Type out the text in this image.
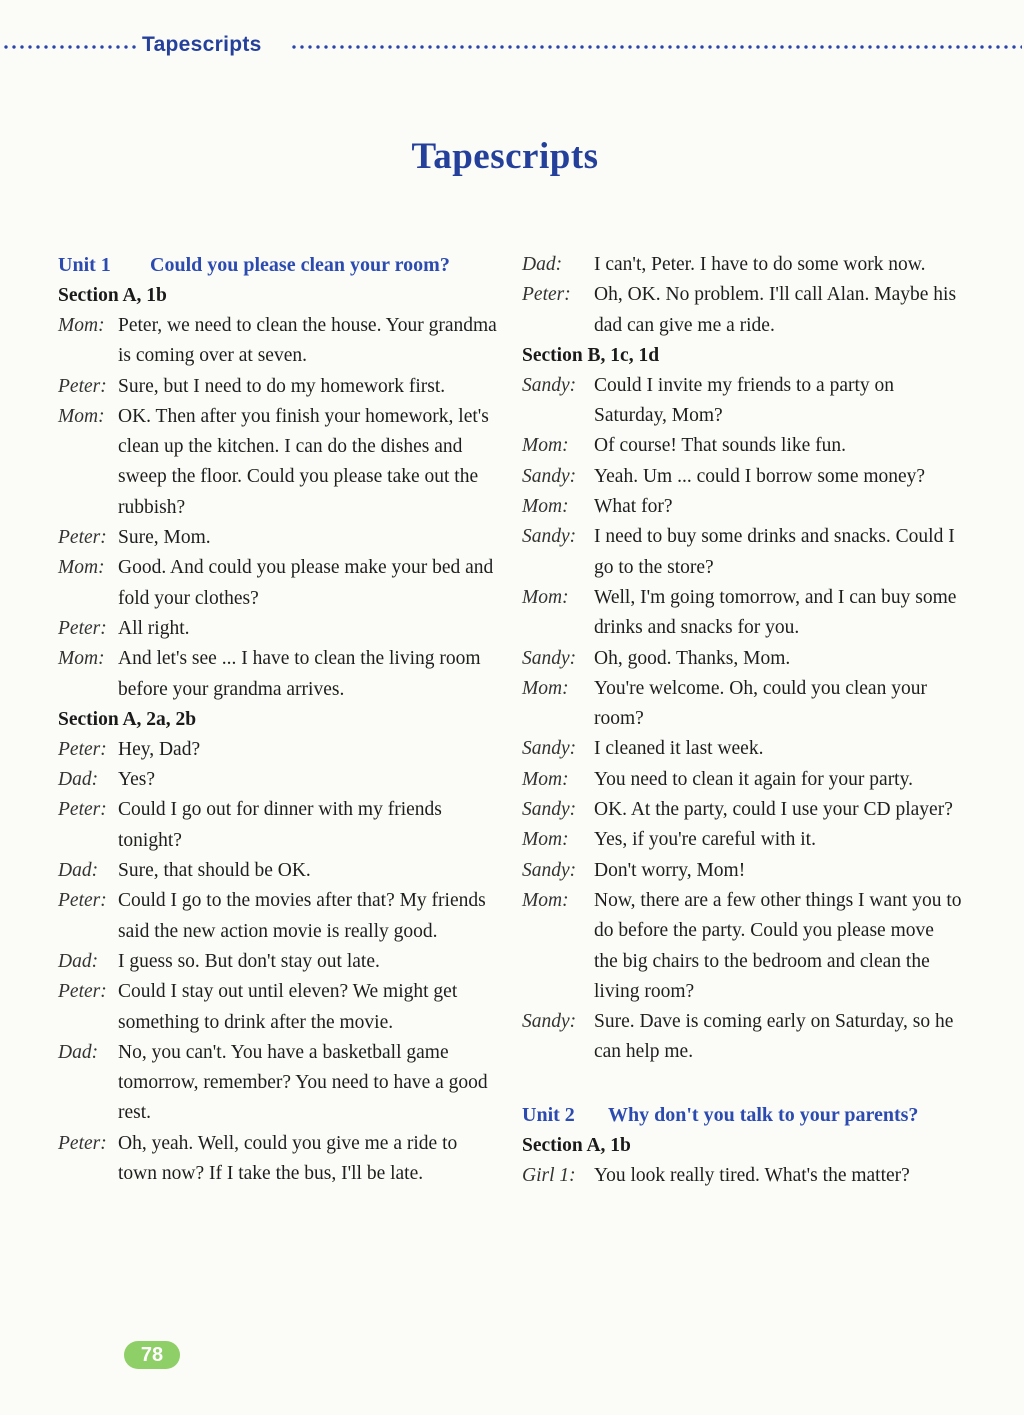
Tapescripts
Tapescripts
Unit 1	Could you please clean your room?
Section A, 1b
Mom: Peter, we need to clean the house. Your grandma is coming over at seven.
Peter: Sure, but I need to do my homework first.
Mom: OK. Then after you finish your homework, let's clean up the kitchen. I can do the dishes and sweep the floor. Could you please take out the rubbish?
Peter: Sure, Mom.
Mom: Good. And could you please make your bed and fold your clothes?
Peter: All right.
Mom: And let's see ... I have to clean the living room before your grandma arrives.
Section A, 2a, 2b
Peter: Hey, Dad?
Dad:	Yes?
Peter: Could I go out for dinner with my friends tonight?
Dad:	Sure, that should be OK.
Peter: Could I go to the movies after that? My friends said the new action movie is really good.
Dad:	I guess so. But don't stay out late.
Peter: Could I stay out until eleven? We might get something to drink after the movie.
Dad:	No, you can't. You have a basketball game tomorrow, remember? You need to have a good rest.
Peter: Oh, yeah. Well, could you give me a ride to town now? If I take the bus, I'll be late.
Dad:	I can't, Peter. I have to do some work now.
Peter:	Oh, OK. No problem. I'll call Alan. Maybe his dad can give me a ride.
Section B, 1c, 1d
Sandy: Could I invite my friends to a party on Saturday, Mom?
Mom:	Of course! That sounds like fun.
Sandy: Yeah. Um ... could I borrow some money?
Mom:	What for?
Sandy: I need to buy some drinks and snacks. Could I go to the store?
Mom:	Well, I'm going tomorrow, and I can buy some drinks and snacks for you.
Sandy: Oh, good. Thanks, Mom.
Mom:	You're welcome. Oh, could you clean your room?
Sandy: I cleaned it last week.
Mom:	You need to clean it again for your party.
Sandy: OK. At the party, could I use your CD player?
Mom:	Yes, if you're careful with it.
Sandy: Don't worry, Mom!
Mom:	Now, there are a few other things I want you to do before the party. Could you please move the big chairs to the bedroom and clean the living room?
Sandy: Sure. Dave is coming early on Saturday, so he can help me.
Unit 2	Why don't you talk to your parents?
Section A, 1b
Girl 1: You look really tired. What's the matter?
78
